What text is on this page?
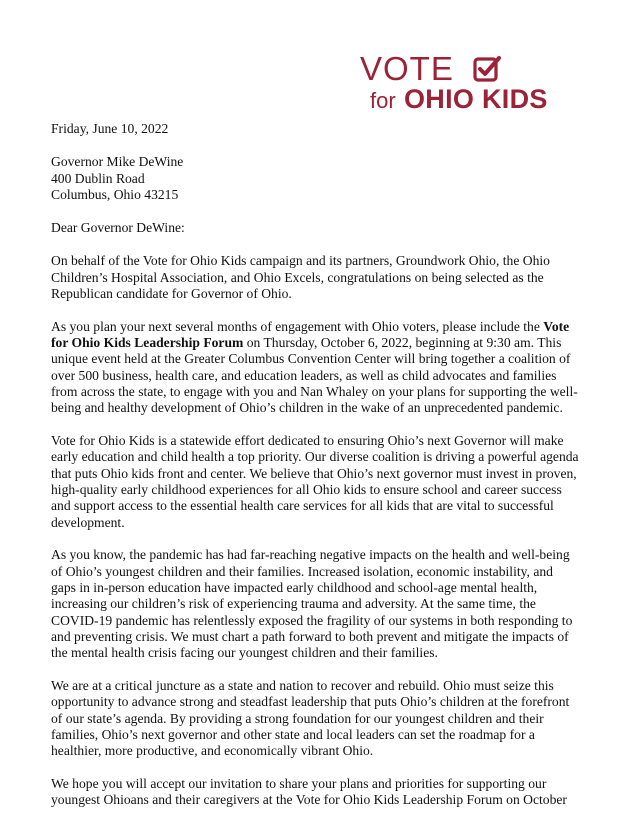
VOTE
for OHIO KIDS

Friday, June 10, 2022

Governor Mike DeWine

400 Dublin Road

Columbus, Ohio 43215

Dear Governor DeWine:

On behalf of the Vote for Ohio Kids campaign and its partners, Groundwork Ohio, the Ohio Children’s Hospital Association, and Ohio Excels, congratulations on being selected as the Republican candidate for Governor of Ohio.

As you plan your next several months of engagement with Ohio voters, please include the Vote for Ohio Kids Leadership Forum on Thursday, October 6, 2022, beginning at 9:30 am. This unique event held at the Greater Columbus Convention Center will bring together a coalition of over 500 business, health care, and education leaders, as well as child advocates and families from across the state, to engage with you and Nan Whaley on your plans for supporting the well-being and healthy development of Ohio’s children in the wake of an unprecedented pandemic.

Vote for Ohio Kids is a statewide effort dedicated to ensuring Ohio’s next Governor will make early education and child health a top priority. Our diverse coalition is driving a powerful agenda that puts Ohio kids front and center. We believe that Ohio’s next governor must invest in proven, high-quality early childhood experiences for all Ohio kids to ensure school and career success and support access to the essential health care services for all kids that are vital to successful development.

As you know, the pandemic has had far-reaching negative impacts on the health and well-being of Ohio’s youngest children and their families. Increased isolation, economic instability, and gaps in in-person education have impacted early childhood and school-age mental health, increasing our children’s risk of experiencing trauma and adversity. At the same time, the COVID-19 pandemic has relentlessly exposed the fragility of our systems in both responding to and preventing crisis. We must chart a path forward to both prevent and mitigate the impacts of the mental health crisis facing our youngest children and their families.

We are at a critical juncture as a state and nation to recover and rebuild. Ohio must seize this opportunity to advance strong and steadfast leadership that puts Ohio’s children at the forefront of our state’s agenda. By providing a strong foundation for our youngest children and their families, Ohio’s next governor and other state and local leaders can set the roadmap for a healthier, more productive, and economically vibrant Ohio.

We hope you will accept our invitation to share your plans and priorities for supporting our youngest Ohioans and their caregivers at the Vote for Ohio Kids Leadership Forum on October
